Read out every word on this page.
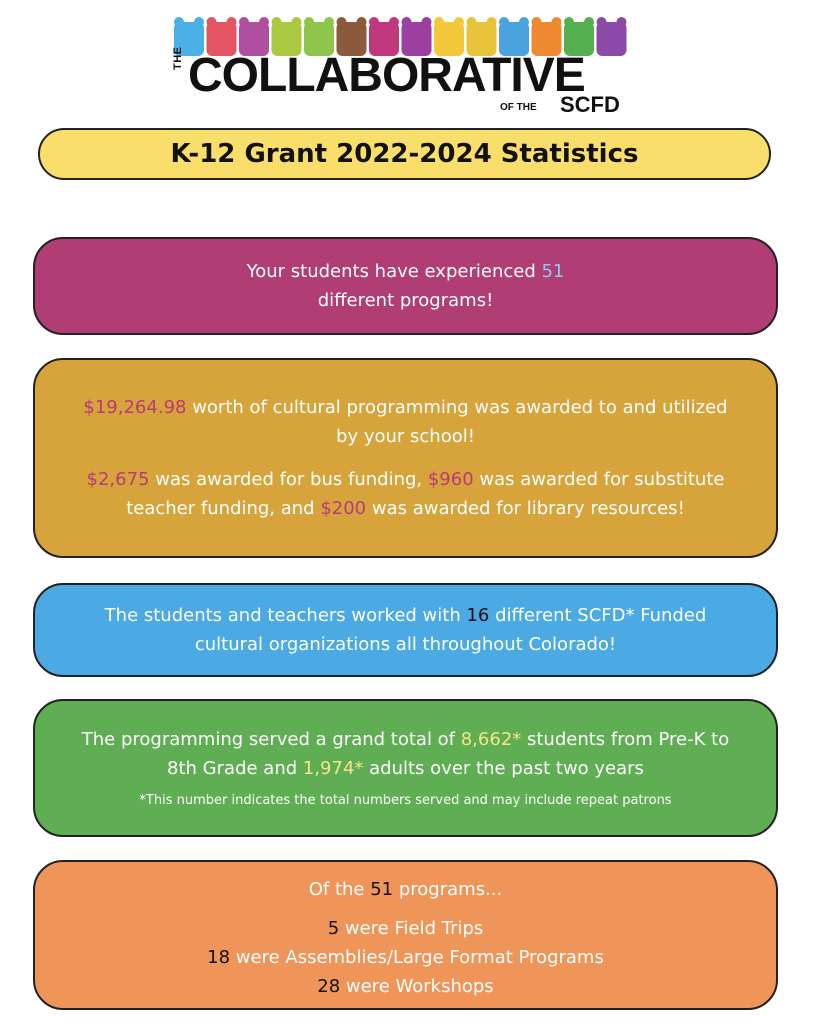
THE COLLABORATIVE
OF THE SCFD
K-12 Grant 2022-2024 Statistics
Your students have experienced 51
different programs!
$19,264.98 worth of cultural programming was awarded to and utilized by your school!
$2,675 was awarded for bus funding, $960 was awarded for substitute teacher funding, and $200 was awarded for library resources!
The students and teachers worked with 16 different SCFD* Funded cultural organizations all throughout Colorado!
The programming served a grand total of 8,662* students from Pre-K to 8th Grade and 1,974* adults over the past two years
*This number indicates the total numbers served and may include repeat patrons
Of the 51 programs...
5 were Field Trips
18 were Assemblies/Large Format Programs
28 were Workshops
